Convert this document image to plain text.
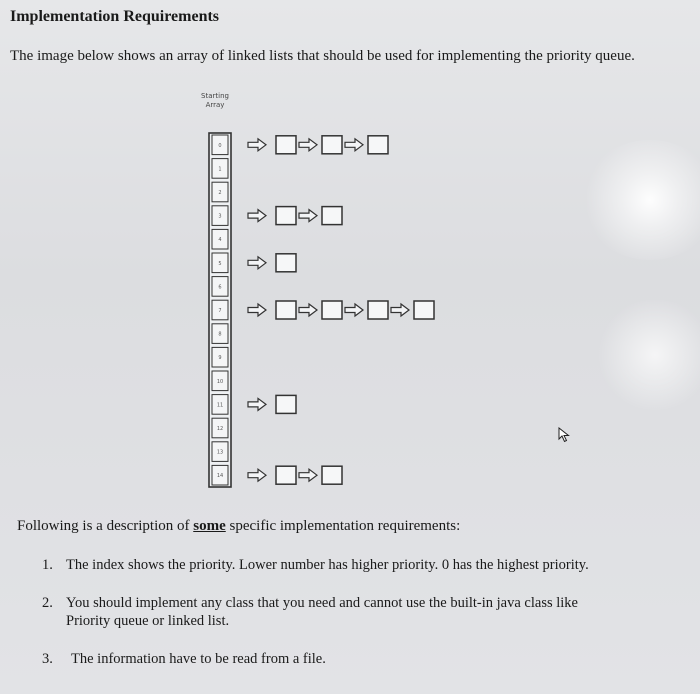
Implementation Requirements
The image below shows an array of linked lists that should be used for implementing the priority queue.
Starting Array
0
1
2
3
4
5
6
7
8
9
10
11
12
13
14
Following is a description of some specific implementation requirements:
1. The index shows the priority. Lower number has higher priority. 0 has the highest priority.
2. You should implement any class that you need and cannot use the built-in java class like
Priority queue or linked list.
3. The information have to be read from a file.
